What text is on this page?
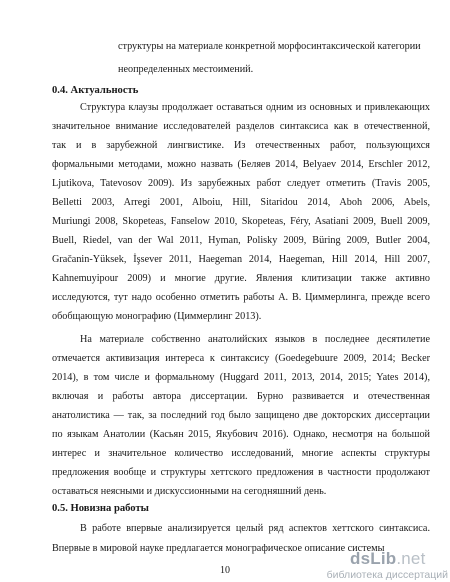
структуры на материале конкретной морфосинтаксической категории
неопределенных местоимений.
0.4. Актуальность
Структура клаузы продолжает оставаться одним из основных и привлекающих
значительное внимание исследователей разделов синтаксиса как в отечественной,
так и в зарубежной лингвистике. Из отечественных работ, пользующихся
формальными методами, можно назвать (Беляев 2014, Belyaev 2014, Erschler 2012,
Ljutikova, Tatevosov 2009). Из зарубежных работ следует отметить (Travis 2005,
Belletti 2003, Arregi 2001, Alboiu, Hill, Sitaridou 2014, Aboh 2006, Abels,
Muriungi 2008, Skopeteas, Fanselow 2010, Skopeteas, Féry, Asatiani 2009, Buell 2009,
Buell, Riedel, van der Wal 2011, Hyman, Polisky 2009, Büring 2009, Butler 2004,
Gračanin-Yüksek, İşsever 2011, Haegeman 2014, Haegeman, Hill 2014, Hill 2007,
Kahnemuyipour 2009) и многие другие. Явления клитизации также активно
исследуются, тут надо особенно отметить работы А. В. Циммерлинга, прежде всего
обобщающую монографию (Циммерлинг 2013).
На материале собственно анатолийских языков в последнее десятилетие
отмечается активизация интереса к синтаксису (Goedegebuure 2009, 2014; Becker
2014), в том числе и формальному (Huggard 2011, 2013, 2014, 2015; Yates 2014),
включая и работы автора диссертации. Бурно развивается и отечественная
анатолистика — так, за последний год было защищено две докторских диссертации
по языкам Анатолии (Касьян 2015, Якубович 2016). Однако, несмотря на большой
интерес и значительное количество исследований, многие аспекты структуры
предложения вообще и структуры хеттского предложения в частности продолжают
оставаться неясными и дискуссионными на сегодняшний день.
0.5. Новизна работы
В работе впервые анализируется целый ряд аспектов хеттского синтаксиса.
Впервые в мировой науке предлагается монографическое описание системы
10
dsLib.net
библиотека диссертаций
